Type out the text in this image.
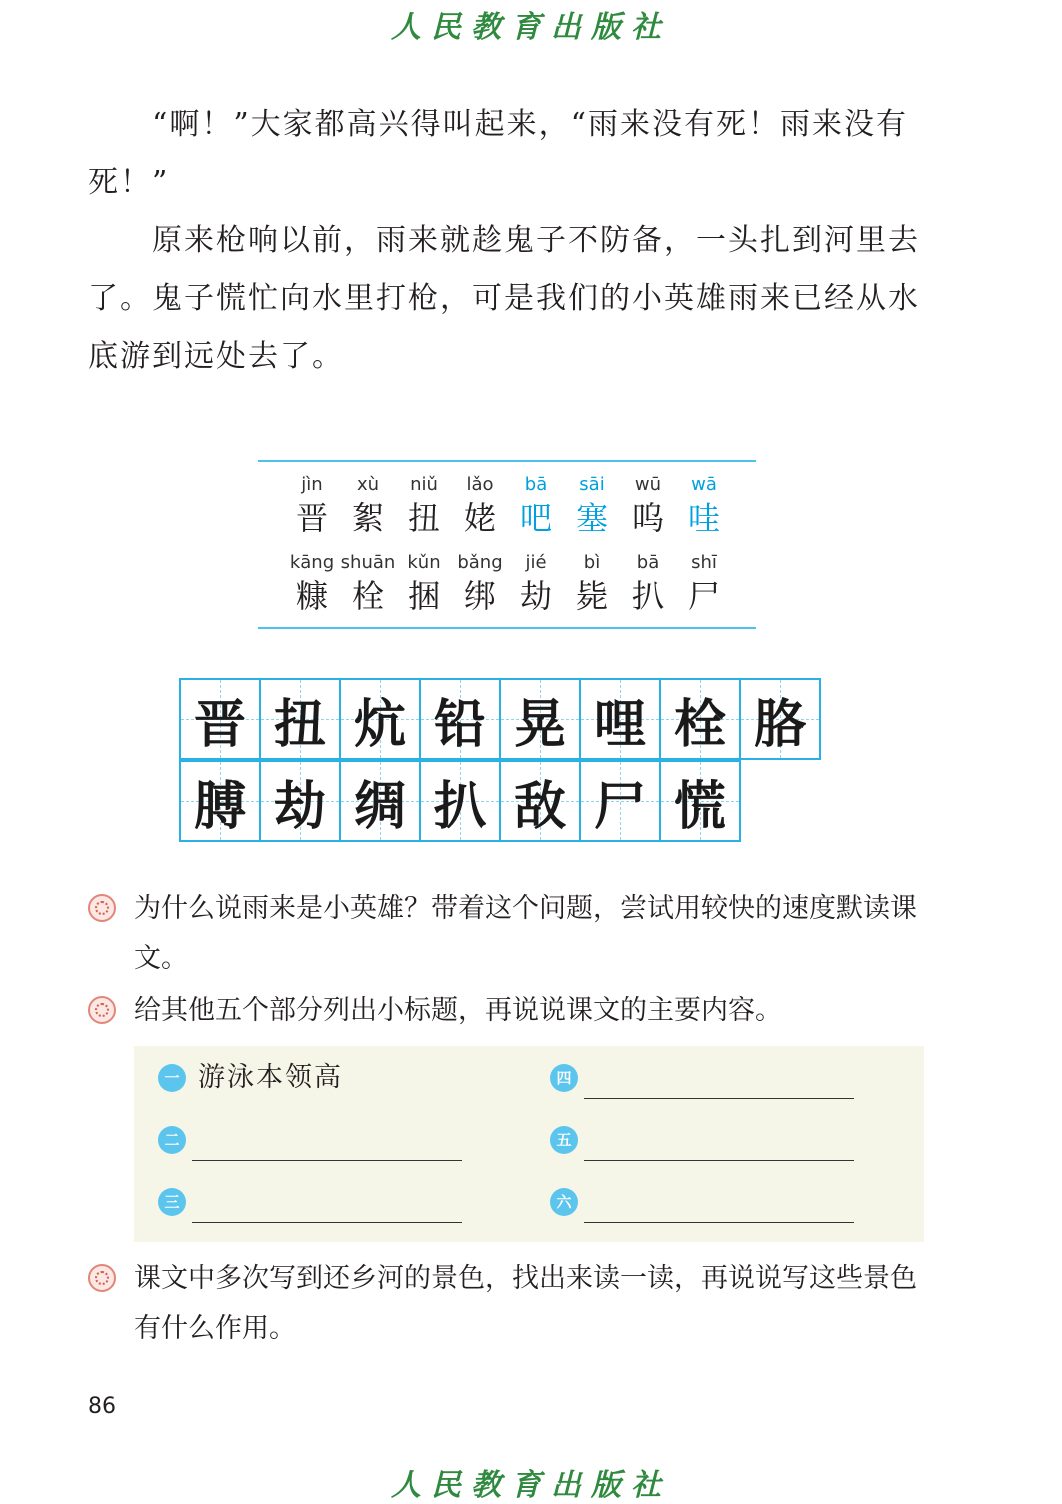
人民教育出版社

“啊！”大家都高兴得叫起来，“雨来没有死！雨来没有死！”

原来枪响以前，雨来就趁鬼子不防备，一头扎到河里去了。鬼子慌忙向水里打枪，可是我们的小英雄雨来已经从水底游到远处去了。

jìn
晋
xù
絮
niǔ
扭
lǎo
姥
bā
吧
sāi
塞
wū
呜
wā
哇
kāng
糠
shuān
栓
kǔn
捆
bǎng
绑
jié
劫
bì
毙
bā
扒
shī
尸
晋 扭 炕 铅 晃 哩 栓 胳
膊 劫 绸 扒 敌 尸 慌
为什么说雨来是小英雄？带着这个问题，尝试用较快的速度默读课文。
给其他五个部分列出小标题，再说说课文的主要内容。
一 游泳本领高
二
三
四
五
六
课文中多次写到还乡河的景色，找出来读一读，再说说写这些景色有什么作用。
86
人民教育出版社
